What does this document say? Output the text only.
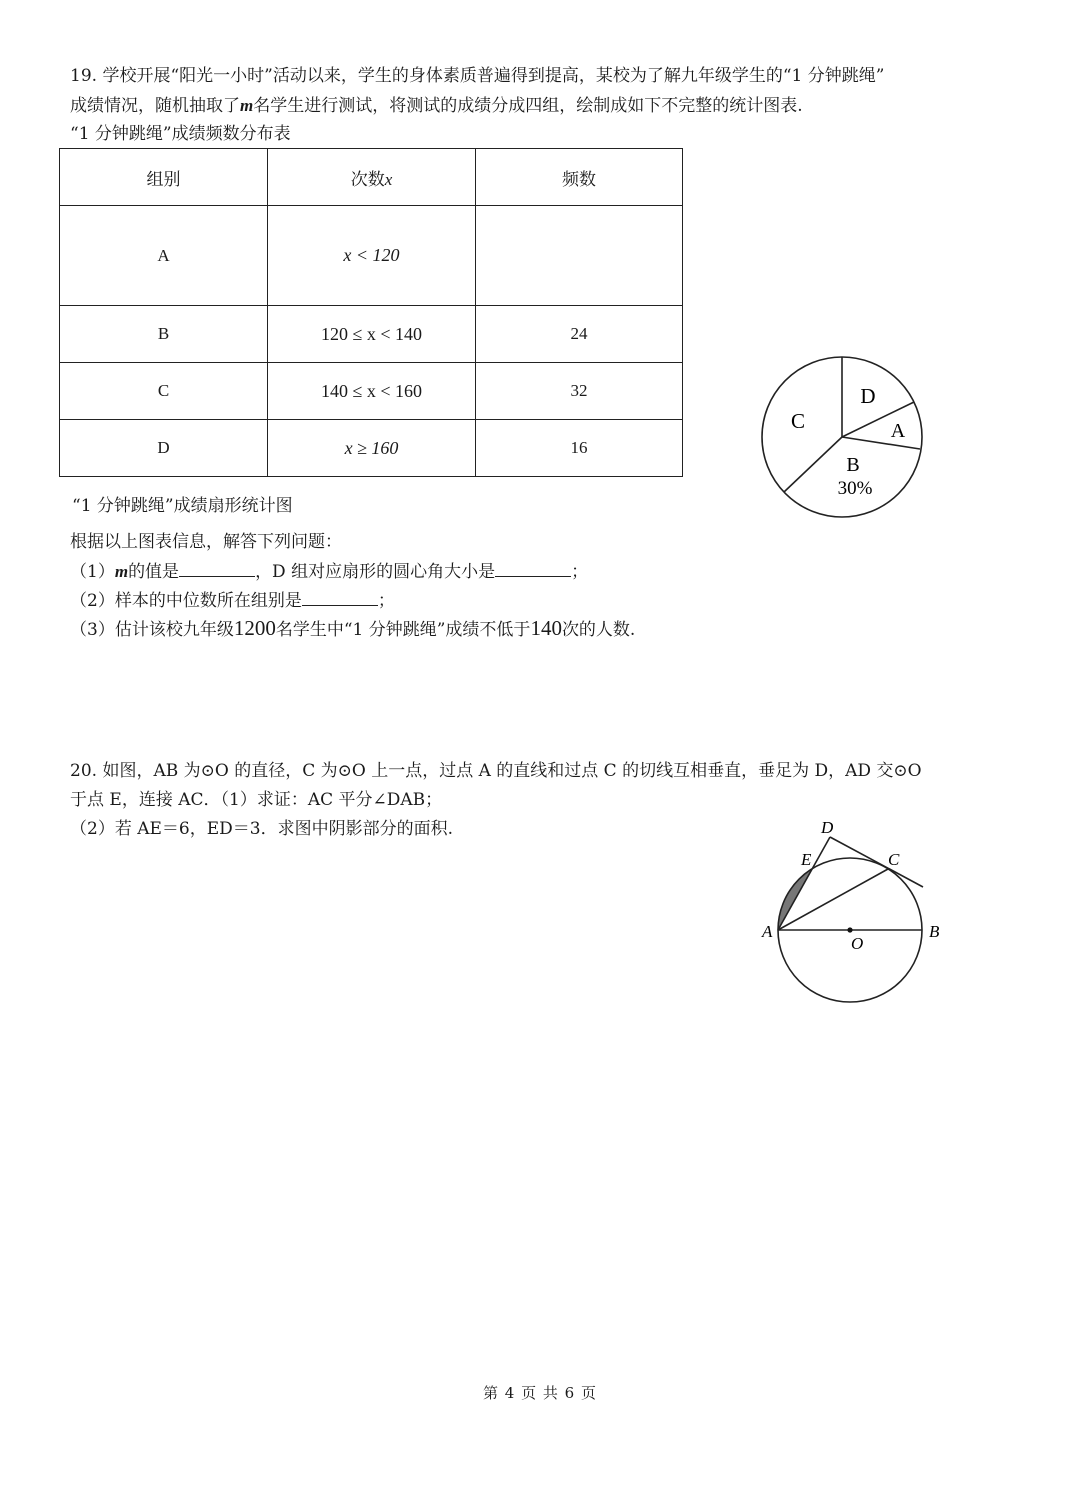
19. 学校开展“阳光一小时”活动以来，学生的身体素质普遍得到提高，某校为了解九年级学生的“1 分钟跳绳”
成绩情况，随机抽取了m名学生进行测试，将测试的成绩分成四组，绘制成如下不完整的统计图表.
“1 分钟跳绳”成绩频数分布表
组别	次数x	频数
A	x < 120	
B	120 ≤ x < 140	24
C	140 ≤ x < 160	32
D	x ≥ 160	16
D
A
C
B
30%
“1 分钟跳绳”成绩扇形统计图
根据以上图表信息，解答下列问题：
（1）m的值是	，D 组对应扇形的圆心角大小是	；
（2）样本的中位数所在组别是	；
（3）估计该校九年级1200名学生中“1 分钟跳绳”成绩不低于140次的人数.
20. 如图，AB 为⊙O 的直径，C 为⊙O 上一点，过点 A 的直线和过点 C 的切线互相垂直，垂足为 D，AD 交⊙O
于点 E，连接 AC．（1）求证：AC 平分∠DAB；
（2）若 AE＝6，ED＝3．求图中阴影部分的面积.	D
E	C
A
O
B
第 4 页 共 6 页
